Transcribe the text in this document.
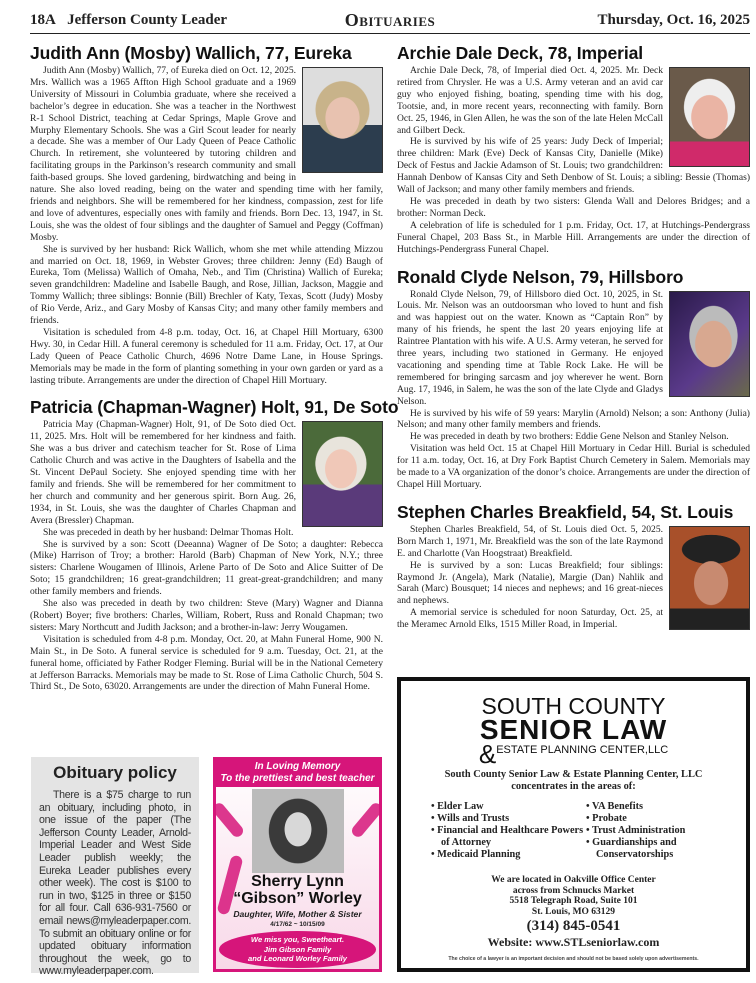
18A Jefferson County Leader	Obituaries	Thursday, Oct. 16, 2025
Judith Ann (Mosby) Wallich, 77, Eureka

Judith Ann (Mosby) Wallich, 77, of Eureka died on Oct. 12, 2025. Mrs. Wallich was a 1965 Affton High School graduate and a 1969 University of Missouri in Columbia graduate, where she received a bachelor’s degree in education. She was a teacher in the Northwest R-1 School District, teaching at Cedar Springs, Maple Grove and Murphy Elementary Schools. She was a Girl Scout leader for nearly a decade. She was a member of Our Lady Queen of Peace Catholic Church. In retirement, she volunteered by tutoring children and facilitating groups in the Parkinson’s research community and small faith-based groups. She loved gardening, birdwatching and being in nature. She also loved reading, being on the water and spending time with her family, friends and neighbors. She will be remembered for her kindness, compassion, zest for life and love of adventures, especially ones with family and friends. Born Dec. 13, 1947, in St. Louis, she was the oldest of four siblings and the daughter of Samuel and Peggy (Coffman) Mosby.

She is survived by her husband: Rick Wallich, whom she met while attending Mizzou and married on Oct. 18, 1969, in Webster Groves; three children: Jenny (Ed) Baugh of Eureka, Tom (Melissa) Wallich of Omaha, Neb., and Tim (Christina) Wallich of Eureka; seven grandchildren: Madeline and Isabelle Baugh, and Rose, Jillian, Jackson, Maggie and Tommy Wallich; three siblings: Bonnie (Bill) Brechler of Katy, Texas, Scott (Judy) Mosby of Rio Verde, Ariz., and Gary Mosby of Kansas City; and many other family members and friends.

Visitation is scheduled from 4-8 p.m. today, Oct. 16, at Chapel Hill Mortuary, 6300 Hwy. 30, in Cedar Hill. A funeral ceremony is scheduled for 11 a.m. Friday, Oct. 17, at Our Lady Queen of Peace Catholic Church, 4696 Notre Dame Lane, in House Springs. Memorials may be made in the form of planting something in your own garden or yard as a lasting tribute. Arrangements are under the direction of Chapel Hill Mortuary.

Patricia (Chapman-Wagner) Holt, 91, De Soto

Patricia May (Chapman-Wagner) Holt, 91, of De Soto died Oct. 11, 2025. Mrs. Holt will be remembered for her kindness and faith. She was a bus driver and catechism teacher for St. Rose of Lima Catholic Church and was active in the Daughters of Isabella and the St. Vincent DePaul Society. She enjoyed spending time with her family and friends. She will be remembered for her commitment to her church and community and her generous spirit. Born Aug. 26, 1934, in St. Louis, she was the daughter of Charles Chapman and Avera (Bressler) Chapman.

She was preceded in death by her husband: Delmar Thomas Holt.

She is survived by a son: Scott (Deeanna) Wagner of De Soto; a daughter: Rebecca (Mike) Harrison of Troy; a brother: Harold (Barb) Chapman of New York, N.Y.; three sisters: Charlene Wougamen of Illinois, Arlene Parto of De Soto and Alice Suitter of De Soto; 15 grandchildren; 16 great-grandchildren; 11 great-great-grandchildren; and many other family members and friends.

She also was preceded in death by two children: Steve (Mary) Wagner and Dianna (Robert) Boyer; five brothers: Charles, William, Robert, Russ and Ronald Chapman; two sisters: Mary Northcutt and Judith Jackson; and a brother-in-law: Jerry Wougamen.

Visitation is scheduled from 4-8 p.m. Monday, Oct. 20, at Mahn Funeral Home, 900 N. Main St., in De Soto. A funeral service is scheduled for 9 a.m. Tuesday, Oct. 21, at the funeral home, officiated by Father Rodger Fleming. Burial will be in the National Cemetery at Jefferson Barracks. Memorials may be made to St. Rose of Lima Catholic Church, 504 S. Third St., De Soto, 63020. Arrangements are under the direction of Mahn Funeral Home.

Archie Dale Deck, 78, Imperial

Archie Dale Deck, 78, of Imperial died Oct. 4, 2025. Mr. Deck retired from Chrysler. He was a U.S. Army veteran and an avid car guy who enjoyed fishing, boating, spending time with his dog, Tootsie, and, in more recent years, reconnecting with family. Born Oct. 25, 1946, in Glen Allen, he was the son of the late Helen McCall and Gilbert Deck.

He is survived by his wife of 25 years: Judy Deck of Imperial; three children: Mark (Eve) Deck of Kansas City, Danielle (Mike) Deck of Festus and Jackie Adamson of St. Louis; two grandchildren: Hannah Denbow of Kansas City and Seth Denbow of St. Louis; a sibling: Bessie (Thomas) Wall of Jackson; and many other family members and friends.

He was preceded in death by two sisters: Glenda Wall and Delores Bridges; and a brother: Norman Deck.

A celebration of life is scheduled for 1 p.m. Friday, Oct. 17, at Hutchings-Pendergrass Funeral Chapel, 203 Bass St., in Marble Hill. Arrangements are under the direction of Hutchings-Pendergrass Funeral Chapel.

Ronald Clyde Nelson, 79, Hillsboro

Ronald Clyde Nelson, 79, of Hillsboro died Oct. 10, 2025, in St. Louis. Mr. Nelson was an outdoorsman who loved to hunt and fish and was happiest out on the water. Known as “Captain Ron” by many of his friends, he spent the last 20 years enjoying life at Raintree Plantation with his wife. A U.S. Army veteran, he served for three years, including two stationed in Germany. He enjoyed vacationing and spending time at Table Rock Lake. He will be remembered for bringing sarcasm and joy wherever he went. Born Aug. 17, 1946, in Salem, he was the son of the late Clyde and Gladys Nelson.

He is survived by his wife of 59 years: Marylin (Arnold) Nelson; a son: Anthony (Julia) Nelson; and many other family members and friends.

He was preceded in death by two brothers: Eddie Gene Nelson and Stanley Nelson.

Visitation was held Oct. 15 at Chapel Hill Mortuary in Cedar Hill. Burial is scheduled for 11 a.m. today, Oct. 16, at Dry Fork Baptist Church Cemetery in Salem. Memorials may be made to a VA organization of the donor’s choice. Arrangements are under the direction of Chapel Hill Mortuary.

Stephen Charles Breakfield, 54, St. Louis

Stephen Charles Breakfield, 54, of St. Louis died Oct. 5, 2025. Born March 1, 1971, Mr. Breakfield was the son of the late Raymond E. and Charlotte (Van Hoogstraat) Breakfield.

He is survived by a son: Lucas Breakfield; four siblings: Raymond Jr. (Angela), Mark (Natalie), Margie (Dan) Nahlik and Sarah (Marc) Bousquet; 14 nieces and nephews; and 16 great-nieces and nephews.

A memorial service is scheduled for noon Saturday, Oct. 25, at the Meramec Arnold Elks, 1515 Miller Road, in Imperial.

Obituary policy

There is a $75 charge to run an obituary, including photo, in one issue of the paper (The Jefferson County Leader, Arnold-Imperial Leader and West Side Leader publish weekly; the Eureka Leader publishes every other week). The cost is $100 to run in two, $125 in three or $150 for all four. Call 636-931-7560 or email news@myleaderpaper.com. To submit an obituary online or for updated obituary information throughout the week, go to www.myleaderpaper.com.

In Loving Memory
To the prettiest and best teacher
Sherry Lynn
“Gibson” Worley
Daughter, Wife, Mother & Sister
4/17/62 ~ 10/15/09
We miss you, Sweetheart.
Jim Gibson Family
and Leonard Worley Family
SOUTH COUNTY
SENIOR LAW
&ESTATE PLANNING CENTER,LLC
South County Senior Law & Estate Planning Center, LLC
concentrates in the areas of:
• Elder Law
• Wills and Trusts
• Financial and Healthcare Powers of Attorney
• Medicaid Planning
• VA Benefits
• Probate
• Trust Administration
• Guardianships and Conservatorships
We are located in Oakville Office Center
across from Schnucks Market
5518 Telegraph Road, Suite 101
St. Louis, MO 63129
(314) 845-0541
Website: www.STLseniorlaw.com
The choice of a lawyer is an important decision and should not be based solely upon advertisements.
